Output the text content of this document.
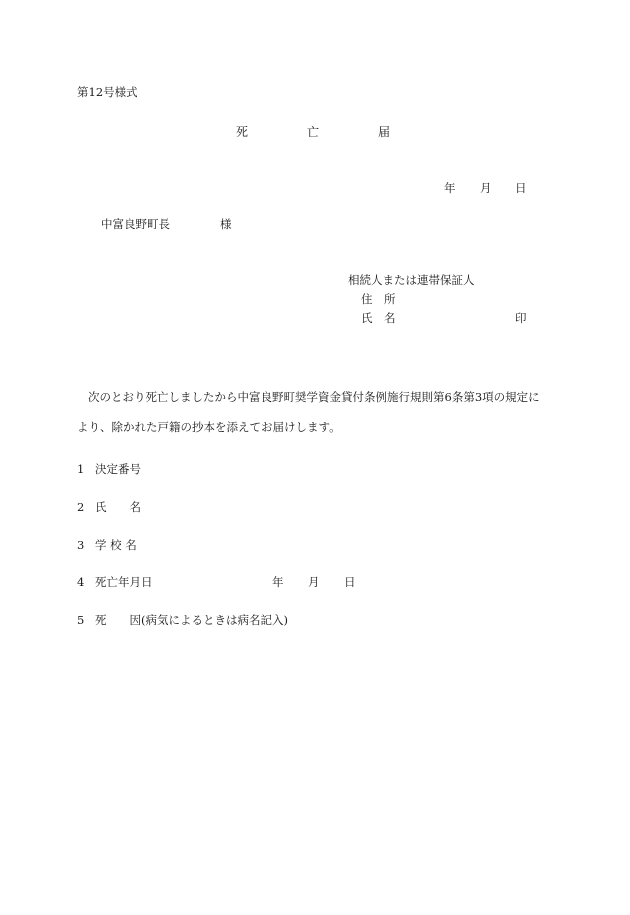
第12号様式
死	亡	届
年 月 日
中富良野町長	様
相続人または連帯保証人
住　所
氏　名	印
次のとおり死亡しましたから中富良野町奨学資金貸付条例施行規則第6条第3項の規定に
より、除かれた戸籍の抄本を添えてお届けします。
1 決定番号
2 氏　　名
3 学 校 名
4 死亡年月日	年 月 日
5 死　　因(病気によるときは病名記入)
